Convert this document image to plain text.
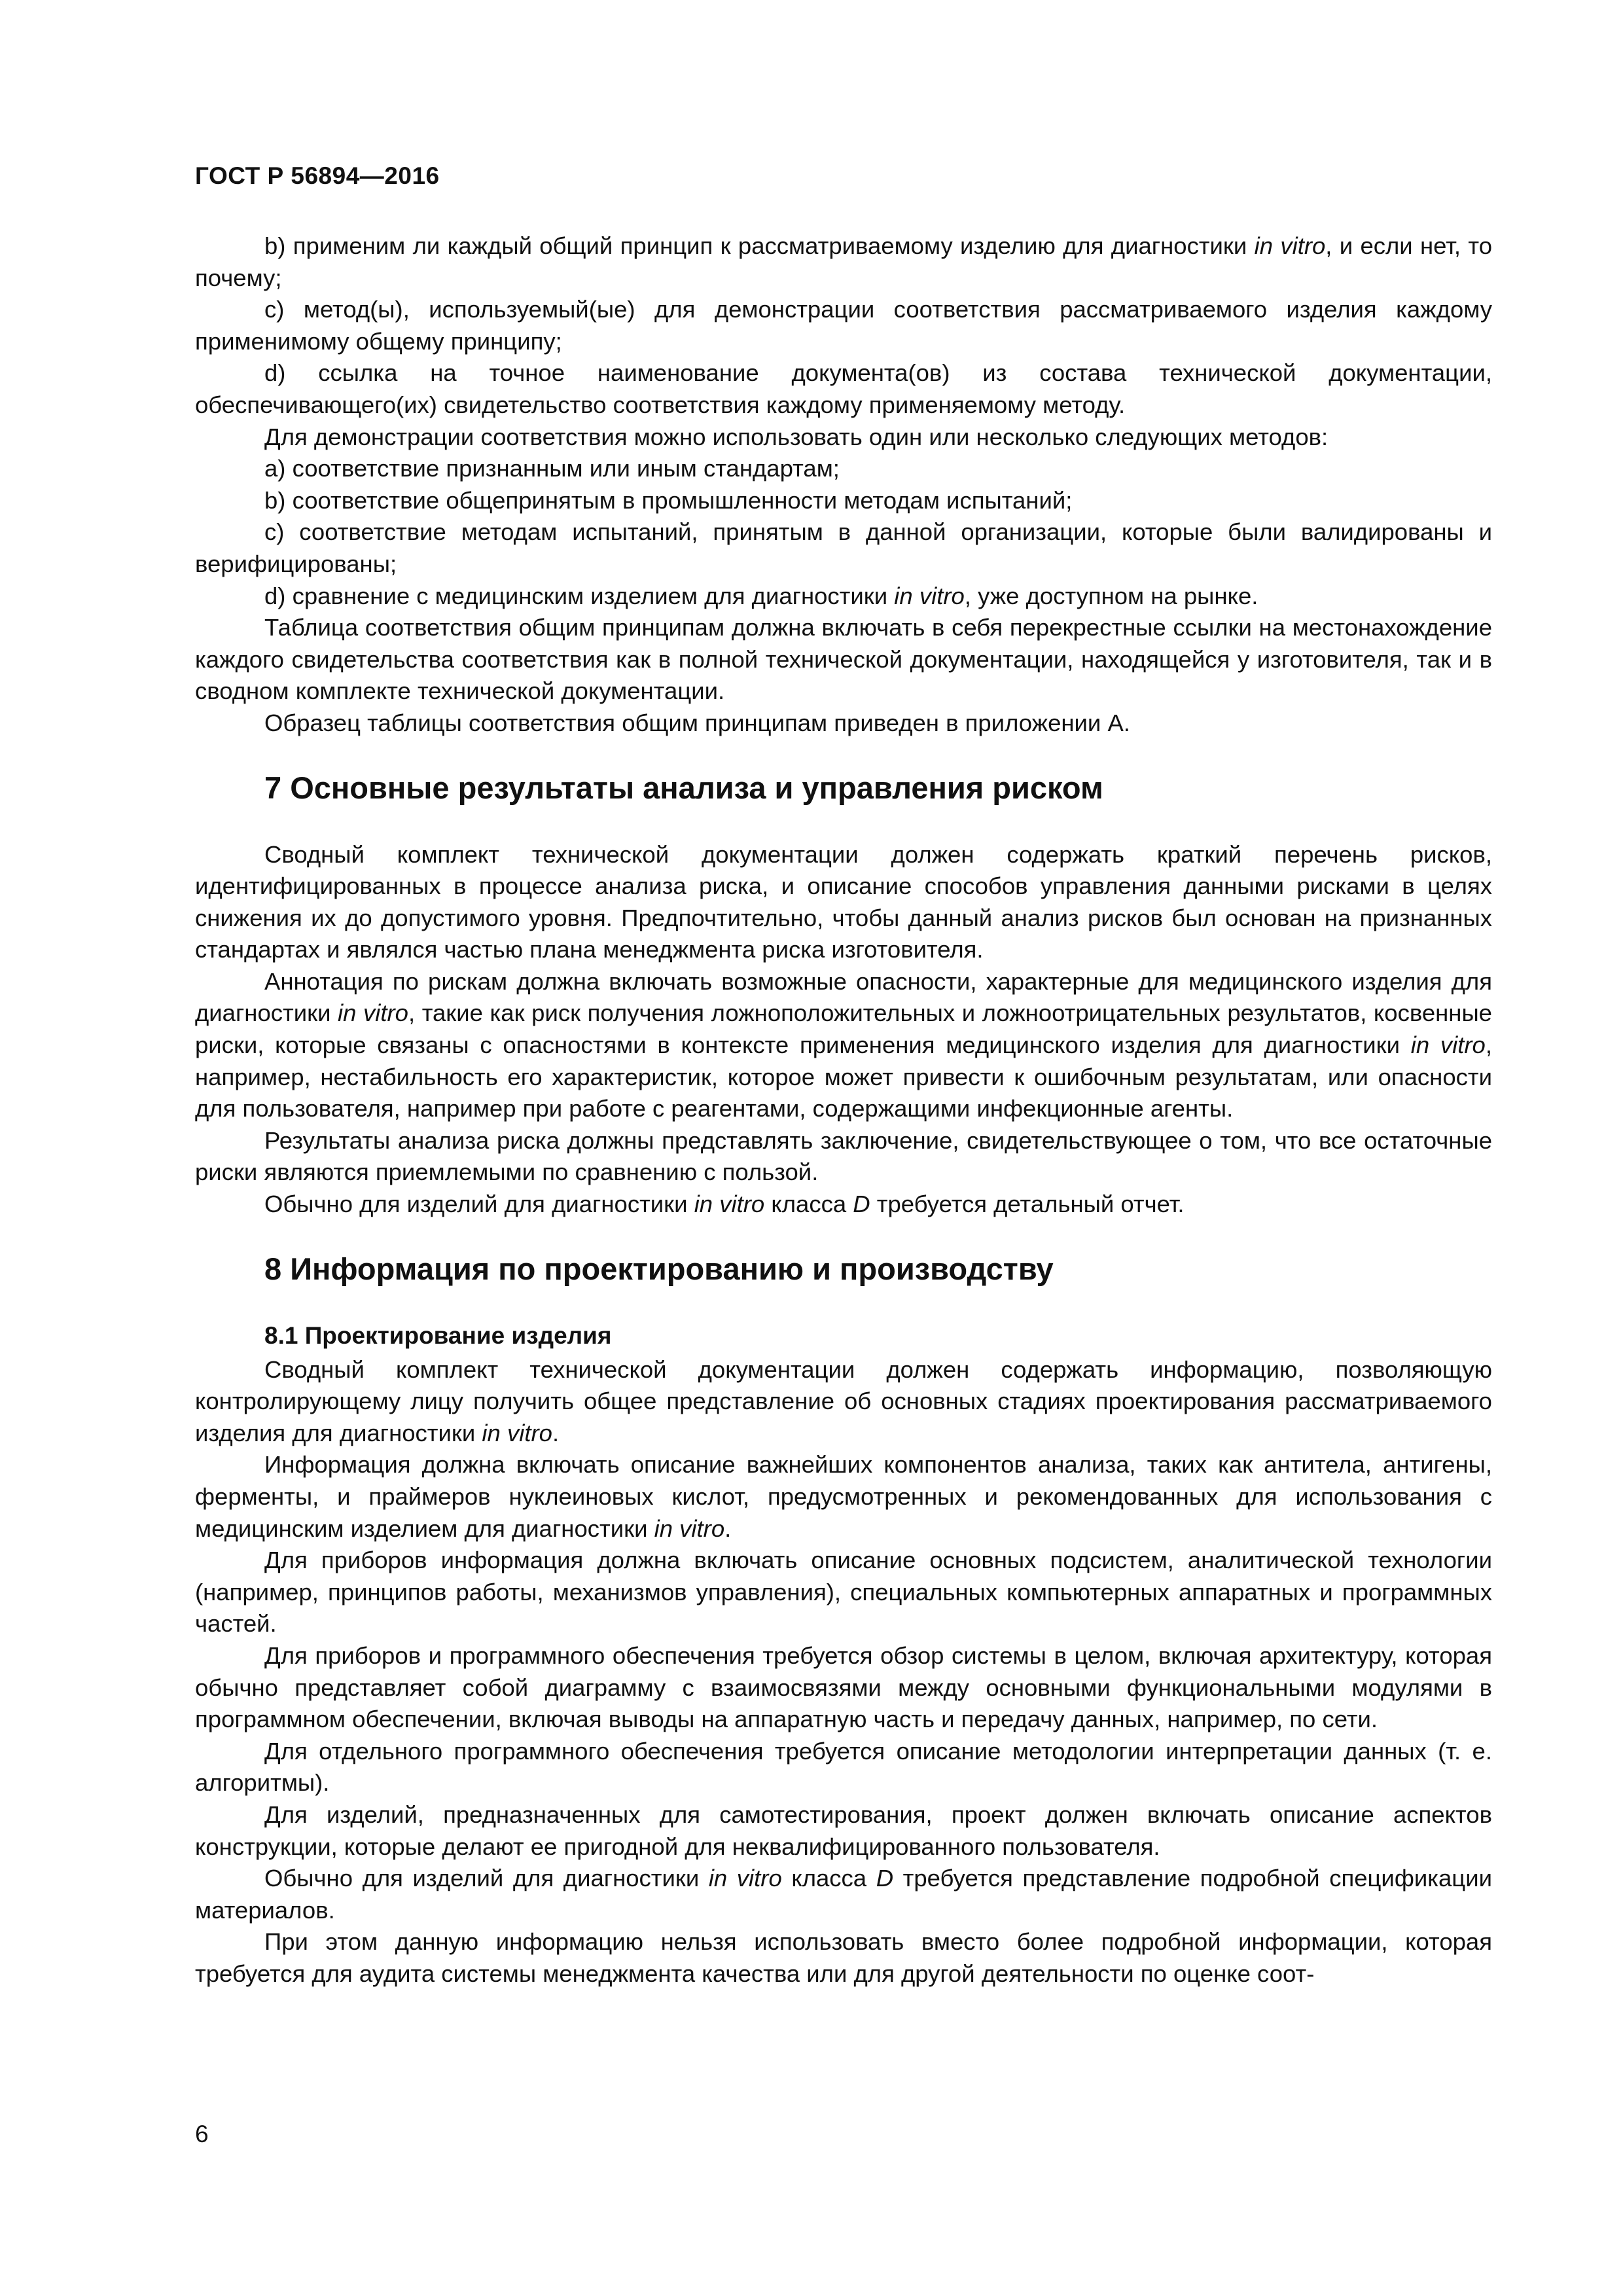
ГОСТ Р 56894—2016

b) применим ли каждый общий принцип к рассматриваемому изделию для диагностики in vitro, и если нет, то почему;

c) метод(ы), используемый(ые) для демонстрации соответствия рассматриваемого изделия каждому применимому общему принципу;

d) ссылка на точное наименование документа(ов) из состава технической документации, обеспечивающего(их) свидетельство соответствия каждому применяемому методу.

Для демонстрации соответствия можно использовать один или несколько следующих методов:

a) соответствие признанным или иным стандартам;

b) соответствие общепринятым в промышленности методам испытаний;

c) соответствие методам испытаний, принятым в данной организации, которые были валидированы и верифицированы;

d) сравнение с медицинским изделием для диагностики in vitro, уже доступном на рынке.

Таблица соответствия общим принципам должна включать в себя перекрестные ссылки на местонахождение каждого свидетельства соответствия как в полной технической документации, находящейся у изготовителя, так и в сводном комплекте технической документации.

Образец таблицы соответствия общим принципам приведен в приложении А.

7 Основные результаты анализа и управления риском

Сводный комплект технической документации должен содержать краткий перечень рисков, идентифицированных в процессе анализа риска, и описание способов управления данными рисками в целях снижения их до допустимого уровня. Предпочтительно, чтобы данный анализ рисков был основан на признанных стандартах и являлся частью плана менеджмента риска изготовителя.

Аннотация по рискам должна включать возможные опасности, характерные для медицинского изделия для диагностики in vitro, такие как риск получения ложноположительных и ложноотрицательных результатов, косвенные риски, которые связаны с опасностями в контексте применения медицинского изделия для диагностики in vitro, например, нестабильность его характеристик, которое может привести к ошибочным результатам, или опасности для пользователя, например при работе с реагентами, содержащими инфекционные агенты.

Результаты анализа риска должны представлять заключение, свидетельствующее о том, что все остаточные риски являются приемлемыми по сравнению с пользой.

Обычно для изделий для диагностики in vitro класса D требуется детальный отчет.

8 Информация по проектированию и производству
8.1 Проектирование изделия

Сводный комплект технической документации должен содержать информацию, позволяющую контролирующему лицу получить общее представление об основных стадиях проектирования рассматриваемого изделия для диагностики in vitro.

Информация должна включать описание важнейших компонентов анализа, таких как антитела, антигены, ферменты, и праймеров нуклеиновых кислот, предусмотренных и рекомендованных для использования с медицинским изделием для диагностики in vitro.

Для приборов информация должна включать описание основных подсистем, аналитической технологии (например, принципов работы, механизмов управления), специальных компьютерных аппаратных и программных частей.

Для приборов и программного обеспечения требуется обзор системы в целом, включая архитектуру, которая обычно представляет собой диаграмму с взаимосвязями между основными функциональными модулями в программном обеспечении, включая выводы на аппаратную часть и передачу данных, например, по сети.

Для отдельного программного обеспечения требуется описание методологии интерпретации данных (т. е. алгоритмы).

Для изделий, предназначенных для самотестирования, проект должен включать описание аспектов конструкции, которые делают ее пригодной для неквалифицированного пользователя.

Обычно для изделий для диагностики in vitro класса D требуется представление подробной спецификации материалов.

При этом данную информацию нельзя использовать вместо более подробной информации, которая требуется для аудита системы менеджмента качества или для другой деятельности по оценке соот-

6
